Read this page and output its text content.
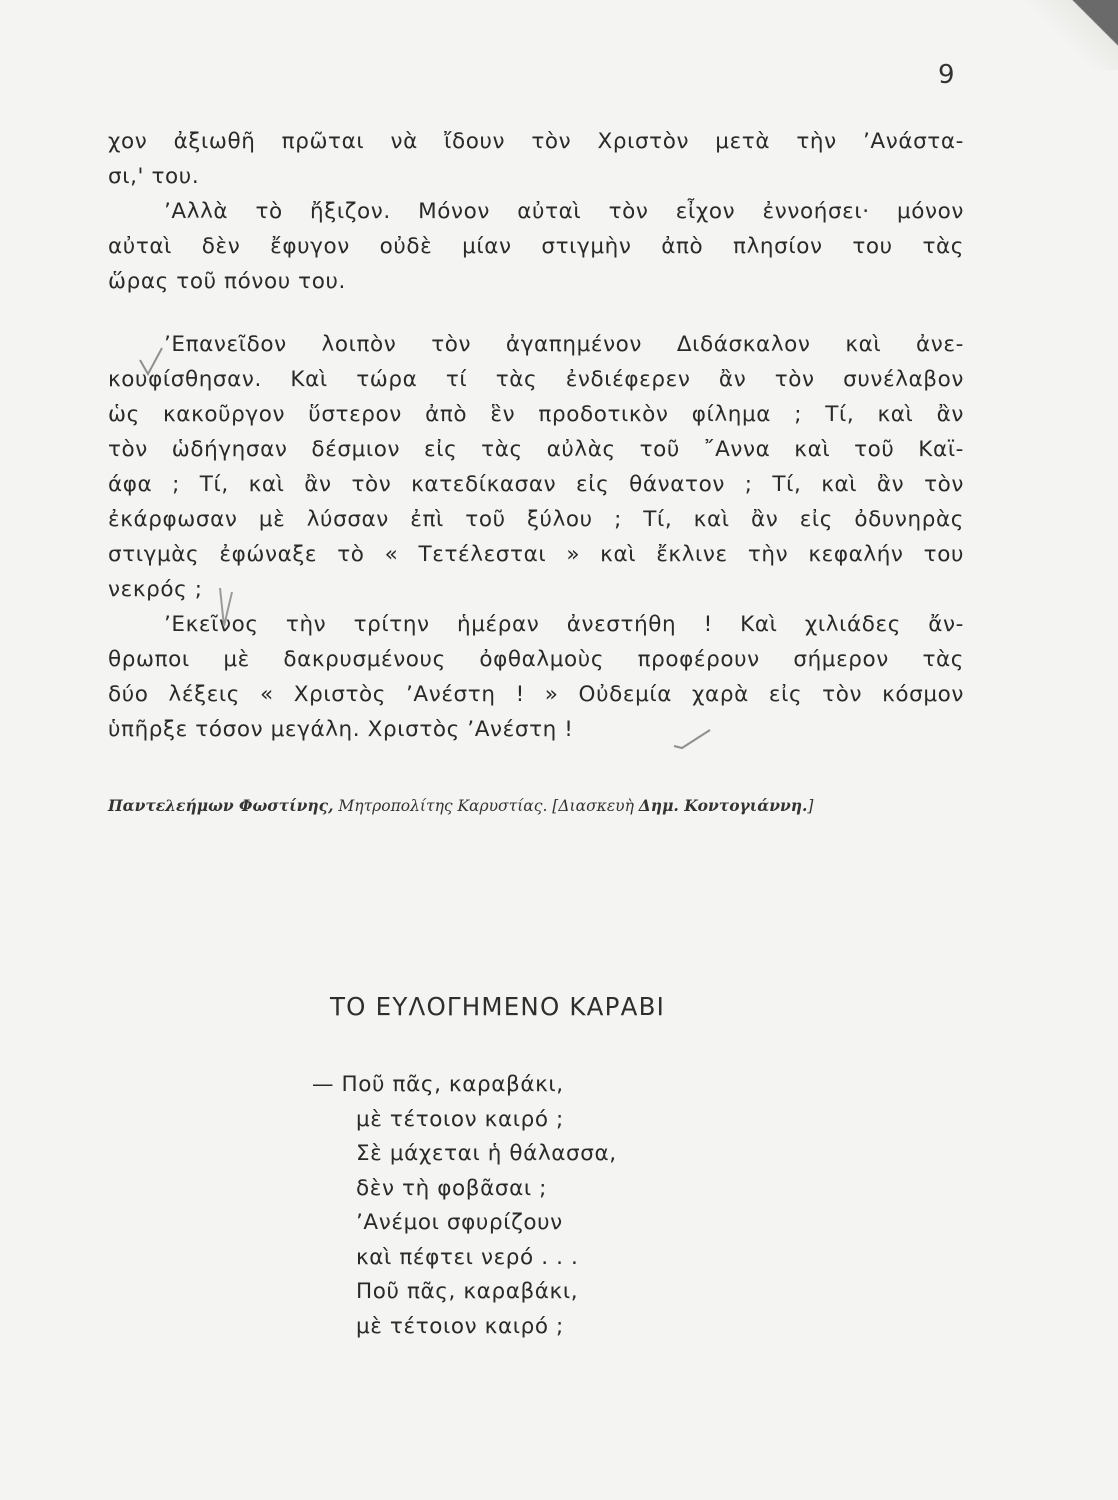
9
χον ἀξιωθῆ πρῶται νὰ ἴδουν τὸν Χριστὸν μετὰ τὴν ’Ανάστα-
σι,' του.
’Αλλὰ τὸ ἤξιζον. Μόνον αὐταὶ τὸν εἶχον ἐννοήσει· μόνον
αὐταὶ δὲν ἔφυγον οὐδὲ μίαν στιγμὴν ἀπὸ πλησίον του τὰς
ὥρας τοῦ πόνου του.
’Επανεῖδον λοιπὸν τὸν ἀγαπημένον Διδάσκαλον καὶ ἀνε-
κουφίσθησαν. Καὶ τώρα τί τὰς ἐνδιέφερεν ἂν τὸν συνέλαβον
ὡς κακοῦργον ὕστερον ἀπὸ ἓν προδοτικὸν φίλημα ; Τί, καὶ ἂν
τὸν ὡδήγησαν δέσμιον εἰς τὰς αὐλὰς τοῦ ῎Αννα καὶ τοῦ Καϊ-
άφα ; Τί, καὶ ἂν τὸν κατεδίκασαν εἰς θάνατον ; Τί, καὶ ἂν τὸν
ἐκάρφωσαν μὲ λύσσαν ἐπὶ τοῦ ξύλου ; Τί, καὶ ἂν εἰς ὀδυνηρὰς
στιγμὰς ἐφώναξε τὸ « Τετέλεσται » καὶ ἔκλινε τὴν κεφαλήν του
νεκρός ;
’Εκεῖνος τὴν τρίτην ἡμέραν ἀνεστήθη ! Καὶ χιλιάδες ἄν-
θρωποι μὲ δακρυσμένους ὀφθαλμοὺς προφέρουν σήμερον τὰς
δύο λέξεις « Χριστὸς ’Ανέστη ! » Οὐδεμία χαρὰ εἰς τὸν κόσμον
ὑπῆρξε τόσον μεγάλη. Χριστὸς ’Ανέστη !
Παντελεήμων Φωστίνης, Μητροπολίτης Καρυστίας. [Διασκευὴ Δημ. Κοντογιάννη.]
ΤΟ ΕΥΛΟΓΗΜΕΝΟ ΚΑΡΑΒΙ
— Ποῦ πᾶς, καραβάκι,
μὲ τέτοιον καιρό ;
Σὲ μάχεται ἡ θάλασσα,
δὲν τὴ φοβᾶσαι ;
’Ανέμοι σφυρίζουν
καὶ πέφτει νερό . . .
Ποῦ πᾶς, καραβάκι,
μὲ τέτοιον καιρό ;
